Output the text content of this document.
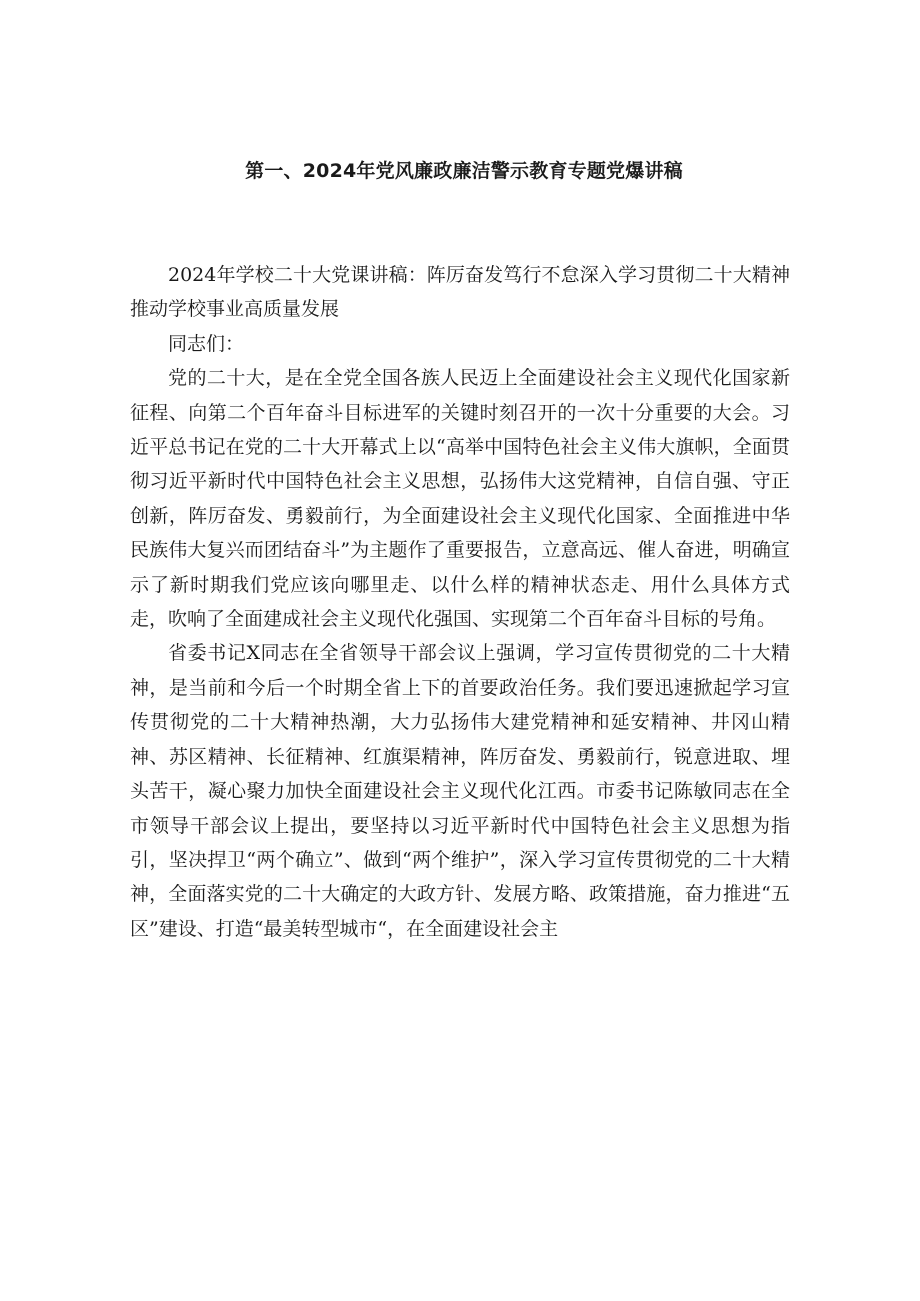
第一、2024年党风廉政廉洁警示教育专题党爆讲稿

2024年学校二十大党课讲稿：阵厉奋发笃行不怠深入学习贯彻二十大精神推动学校事业高质量发展

同志们：

党的二十大，是在全党全国各族人民迈上全面建设社会主义现代化国家新征程、向第二个百年奋斗目标进军的关键时刻召开的一次十分重要的大会。习近平总书记在党的二十大开幕式上以“高举中国特色社会主义伟大旗帜，全面贯彻习近平新时代中国特色社会主义思想，弘扬伟大这党精神，自信自强、守正创新，阵厉奋发、勇毅前行，为全面建设社会主义现代化国家、全面推进中华民族伟大复兴而团结奋斗”为主题作了重要报告，立意高远、催人奋进，明确宣示了新时期我们党应该向哪里走、以什么样的精神状态走、用什么具体方式走，吹响了全面建成社会主义现代化强国、实现第二个百年奋斗目标的号角。

省委书记X同志在全省领导干部会议上强调，学习宣传贯彻党的二十大精神，是当前和今后一个时期全省上下的首要政治任务。我们要迅速掀起学习宣传贯彻党的二十大精神热潮，大力弘扬伟大建党精神和延安精神、井冈山精神、苏区精神、长征精神、红旗渠精神，阵厉奋发、勇毅前行，锐意进取、埋头苦干，凝心聚力加快全面建设社会主义现代化江西。市委书记陈敏同志在全市领导干部会议上提出，要坚持以习近平新时代中国特色社会主义思想为指引，坚决捍卫“两个确立”、做到“两个维护”，深入学习宣传贯彻党的二十大精神，全面落实党的二十大确定的大政方针、发展方略、政策措施，奋力推进“五区”建设、打造“最美转型城市“，在全面建设社会主
